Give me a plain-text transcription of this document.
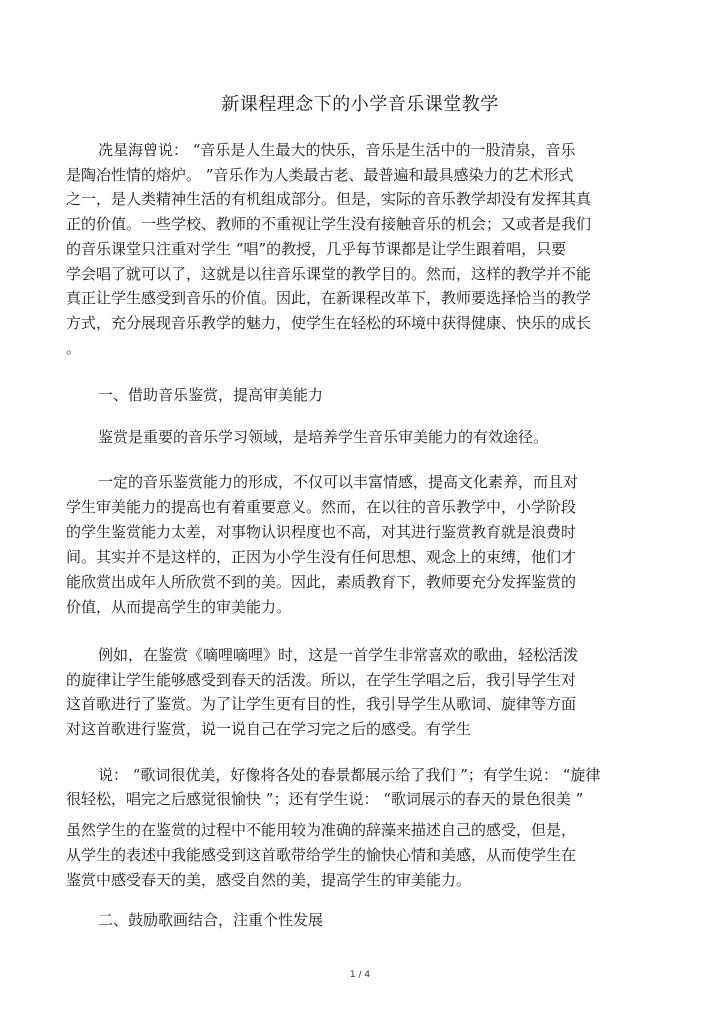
新课程理念下的小学音乐课堂教学
冼星海曾说： “音乐是人生最大的快乐，音乐是生活中的一股清泉，音乐
是陶冶性情的熔炉。 ”音乐作为人类最古老、最普遍和最具感染力的艺术形式
之一，是人类精神生活的有机组成部分。但是，实际的音乐教学却没有发挥其真
正的价值。一些学校、教师的不重视让学生没有接触音乐的机会；又或者是我们
的音乐课堂只注重对学生 “唱”的教授，几乎每节课都是让学生跟着唱，只要
学会唱了就可以了，这就是以往音乐课堂的教学目的。然而，这样的教学并不能
真正让学生感受到音乐的价值。因此，在新课程改革下，教师要选择恰当的教学
方式，充分展现音乐教学的魅力，使学生在轻松的环境中获得健康、快乐的成长
。
一、借助音乐鉴赏，提高审美能力
鉴赏是重要的音乐学习领域，是培养学生音乐审美能力的有效途径。
一定的音乐鉴赏能力的形成，不仅可以丰富情感，提高文化素养，而且对
学生审美能力的提高也有着重要意义。然而，在以往的音乐教学中，小学阶段
的学生鉴赏能力太差，对事物认识程度也不高，对其进行鉴赏教育就是浪费时
间。其实并不是这样的，正因为小学生没有任何思想、观念上的束缚，他们才
能欣赏出成年人所欣赏不到的美。因此，素质教育下，教师要充分发挥鉴赏的
价值，从而提高学生的审美能力。
例如，在鉴赏《嘀哩嘀哩》时，这是一首学生非常喜欢的歌曲，轻松活泼
的旋律让学生能够感受到春天的活泼。所以，在学生学唱之后，我引导学生对
这首歌进行了鉴赏。为了让学生更有目的性，我引导学生从歌词、旋律等方面
对这首歌进行鉴赏，说一说自己在学习完之后的感受。有学生
说： “歌词很优美，好像将各处的春景都展示给了我们 ”；有学生说： “旋律
很轻松，唱完之后感觉很愉快 ”；还有学生说： “歌词展示的春天的景色很美 ”
虽然学生的在鉴赏的过程中不能用较为准确的辞藻来描述自己的感受，但是，
从学生的表述中我能感受到这首歌带给学生的愉快心情和美感，从而使学生在
鉴赏中感受春天的美，感受自然的美，提高学生的审美能力。
二、鼓励歌画结合，注重个性发展
1 / 4
